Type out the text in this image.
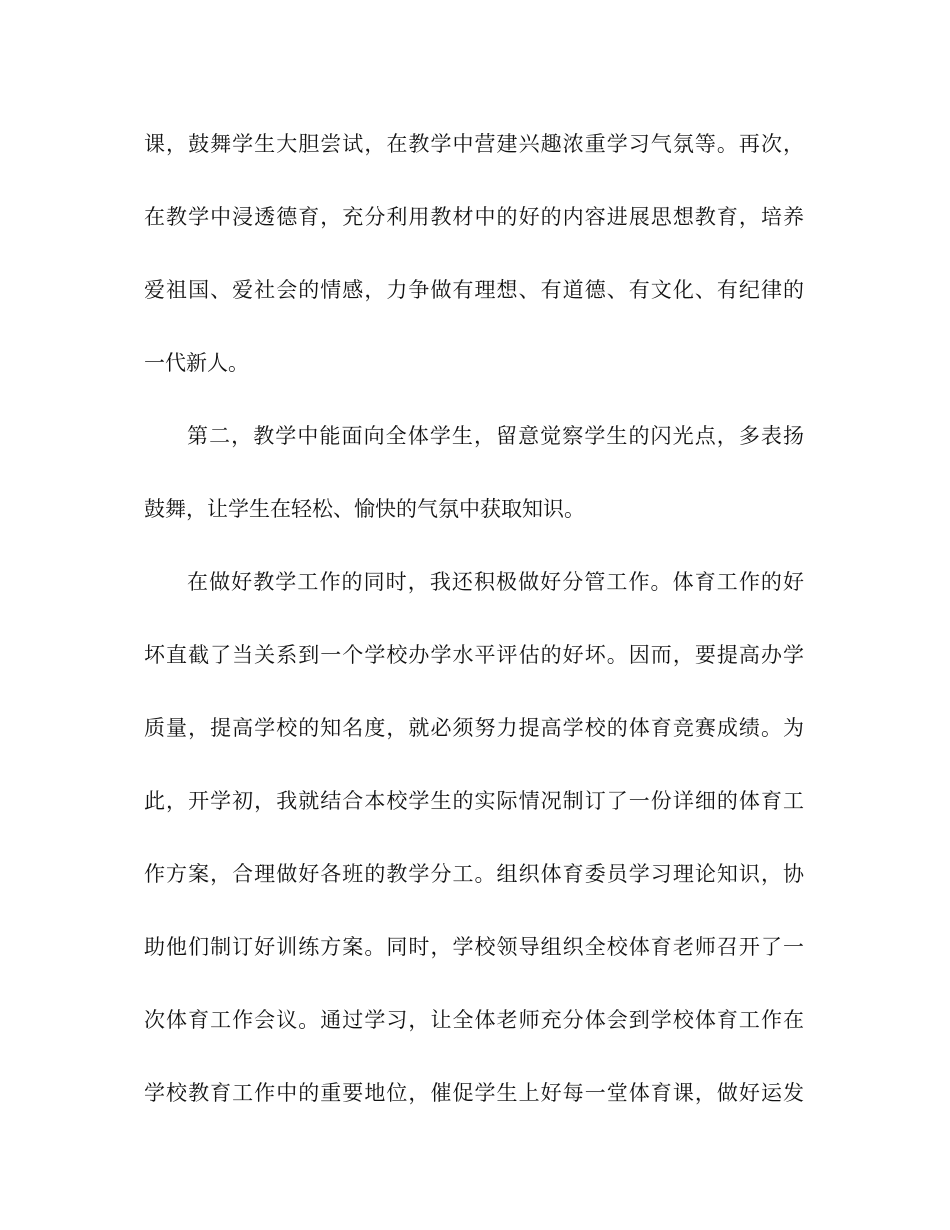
课，鼓舞学生大胆尝试，在教学中营建兴趣浓重学习气氛等。再次，
在教学中浸透德育，充分利用教材中的好的内容进展思想教育，培养
爱祖国、爱社会的情感，力争做有理想、有道德、有文化、有纪律的
一代新人。
第二，教学中能面向全体学生，留意觉察学生的闪光点，多表扬
鼓舞，让学生在轻松、愉快的气氛中获取知识。
在做好教学工作的同时，我还积极做好分管工作。体育工作的好
坏直截了当关系到一个学校办学水平评估的好坏。因而，要提高办学
质量，提高学校的知名度，就必须努力提高学校的体育竞赛成绩。为
此，开学初，我就结合本校学生的实际情况制订了一份详细的体育工
作方案，合理做好各班的教学分工。组织体育委员学习理论知识，协
助他们制订好训练方案。同时，学校领导组织全校体育老师召开了一
次体育工作会议。通过学习，让全体老师充分体会到学校体育工作在
学校教育工作中的重要地位，催促学生上好每一堂体育课，做好运发
